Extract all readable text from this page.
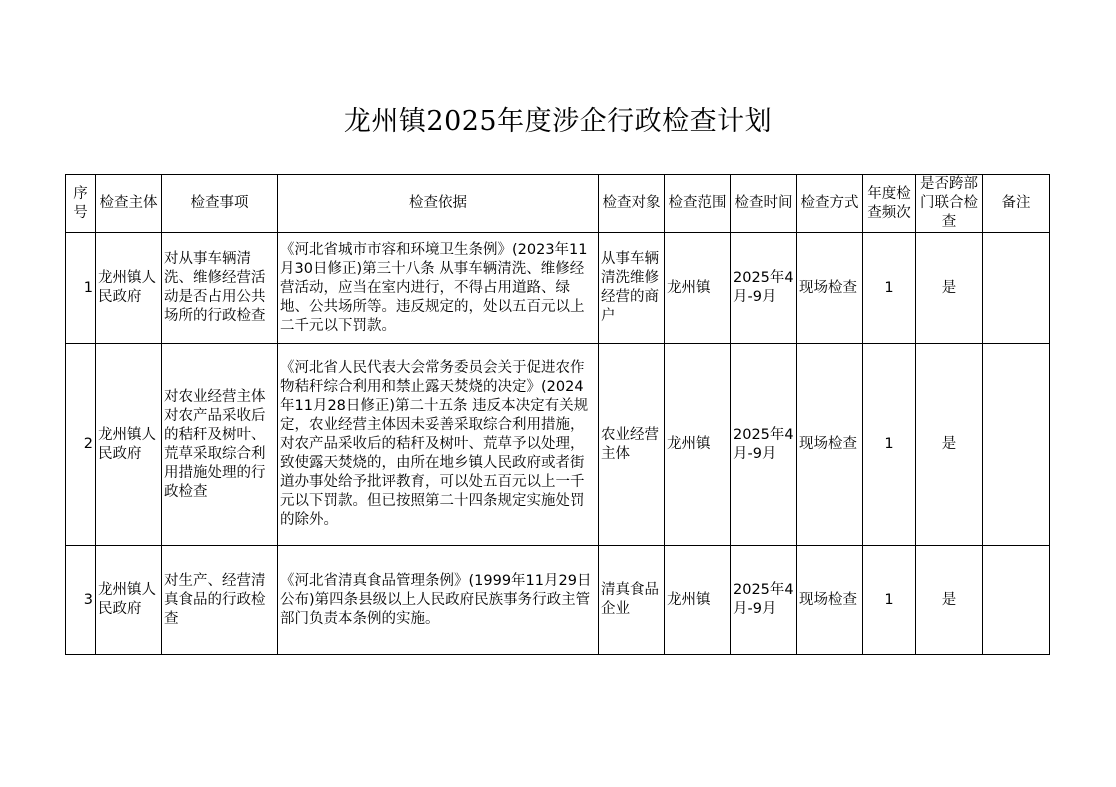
龙州镇2025年度涉企行政检查计划
序号	检查主体	检查事项	检查依据	检查对象	检查范围	检查时间	检查方式	年度检查频次	是否跨部门联合检查	备注
1	龙州镇人民政府	对从事车辆清洗、维修经营活动是否占用公共场所的行政检查	《河北省城市市容和环境卫生条例》(2023年11月30日修正)第三十八条 从事车辆清洗、维修经营活动，应当在室内进行，不得占用道路、绿地、公共场所等。违反规定的，处以五百元以上二千元以下罚款。	从事车辆清洗维修经营的商户	龙州镇	2025年4月-9月	现场检查	1	是	
2	龙州镇人民政府	对农业经营主体对农产品采收后的秸秆及树叶、荒草采取综合利用措施处理的行政检查	《河北省人民代表大会常务委员会关于促进农作物秸秆综合利用和禁止露天焚烧的决定》(2024年11月28日修正)第二十五条 违反本决定有关规定，农业经营主体因未妥善采取综合利用措施，对农产品采收后的秸秆及树叶、荒草予以处理，致使露天焚烧的，由所在地乡镇人民政府或者街道办事处给予批评教育，可以处五百元以上一千元以下罚款。但已按照第二十四条规定实施处罚的除外。	农业经营主体	龙州镇	2025年4月-9月	现场检查	1	是	
3	龙州镇人民政府	对生产、经营清真食品的行政检查	《河北省清真食品管理条例》(1999年11月29日公布)第四条县级以上人民政府民族事务行政主管部门负责本条例的实施。	清真食品企业	龙州镇	2025年4月-9月	现场检查	1	是	
